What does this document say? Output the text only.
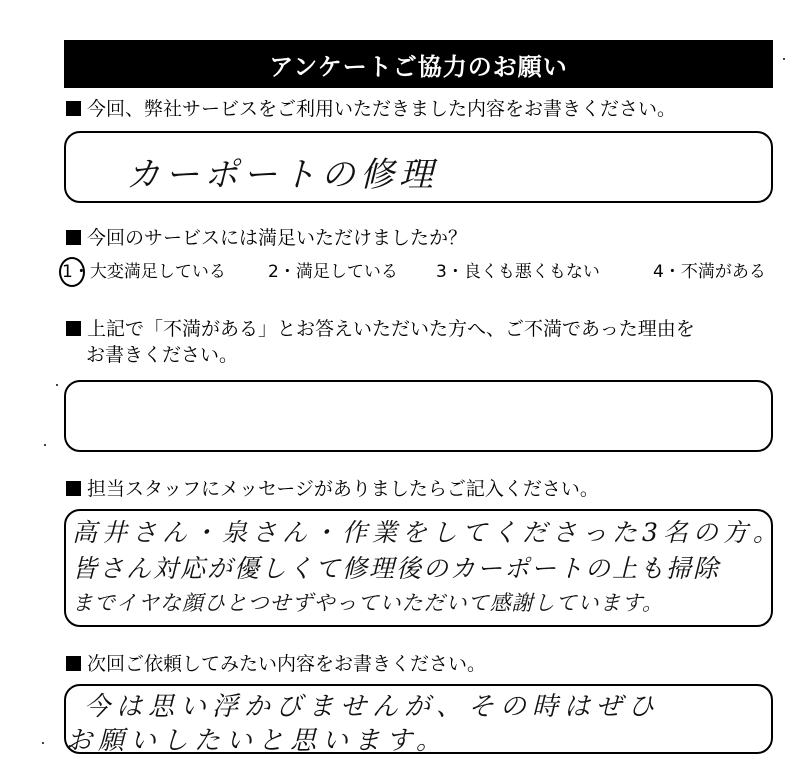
アンケートご協力のお願い
今回、弊社サービスをご利用いただきました内容をお書きください。
カーポートの修理
今回のサービスには満足いただけましたか？
1・大変満足している 2・満足している 3・良くも悪くもない	4・不満がある
上記で「不満がある」とお答えいただいた方へ、ご不満であった理由を
お書きください。
担当スタッフにメッセージがありましたらご記入ください。
高井さん・泉さん・作業をしてくださった3名の方。
皆さん対応が優しくて修理後のカーポートの上も掃除
までイヤな顔ひとつせずやっていただいて感謝しています。
次回ご依頼してみたい内容をお書きください。
今は思い浮かびませんが、その時はぜひ
お願いしたいと思います。
